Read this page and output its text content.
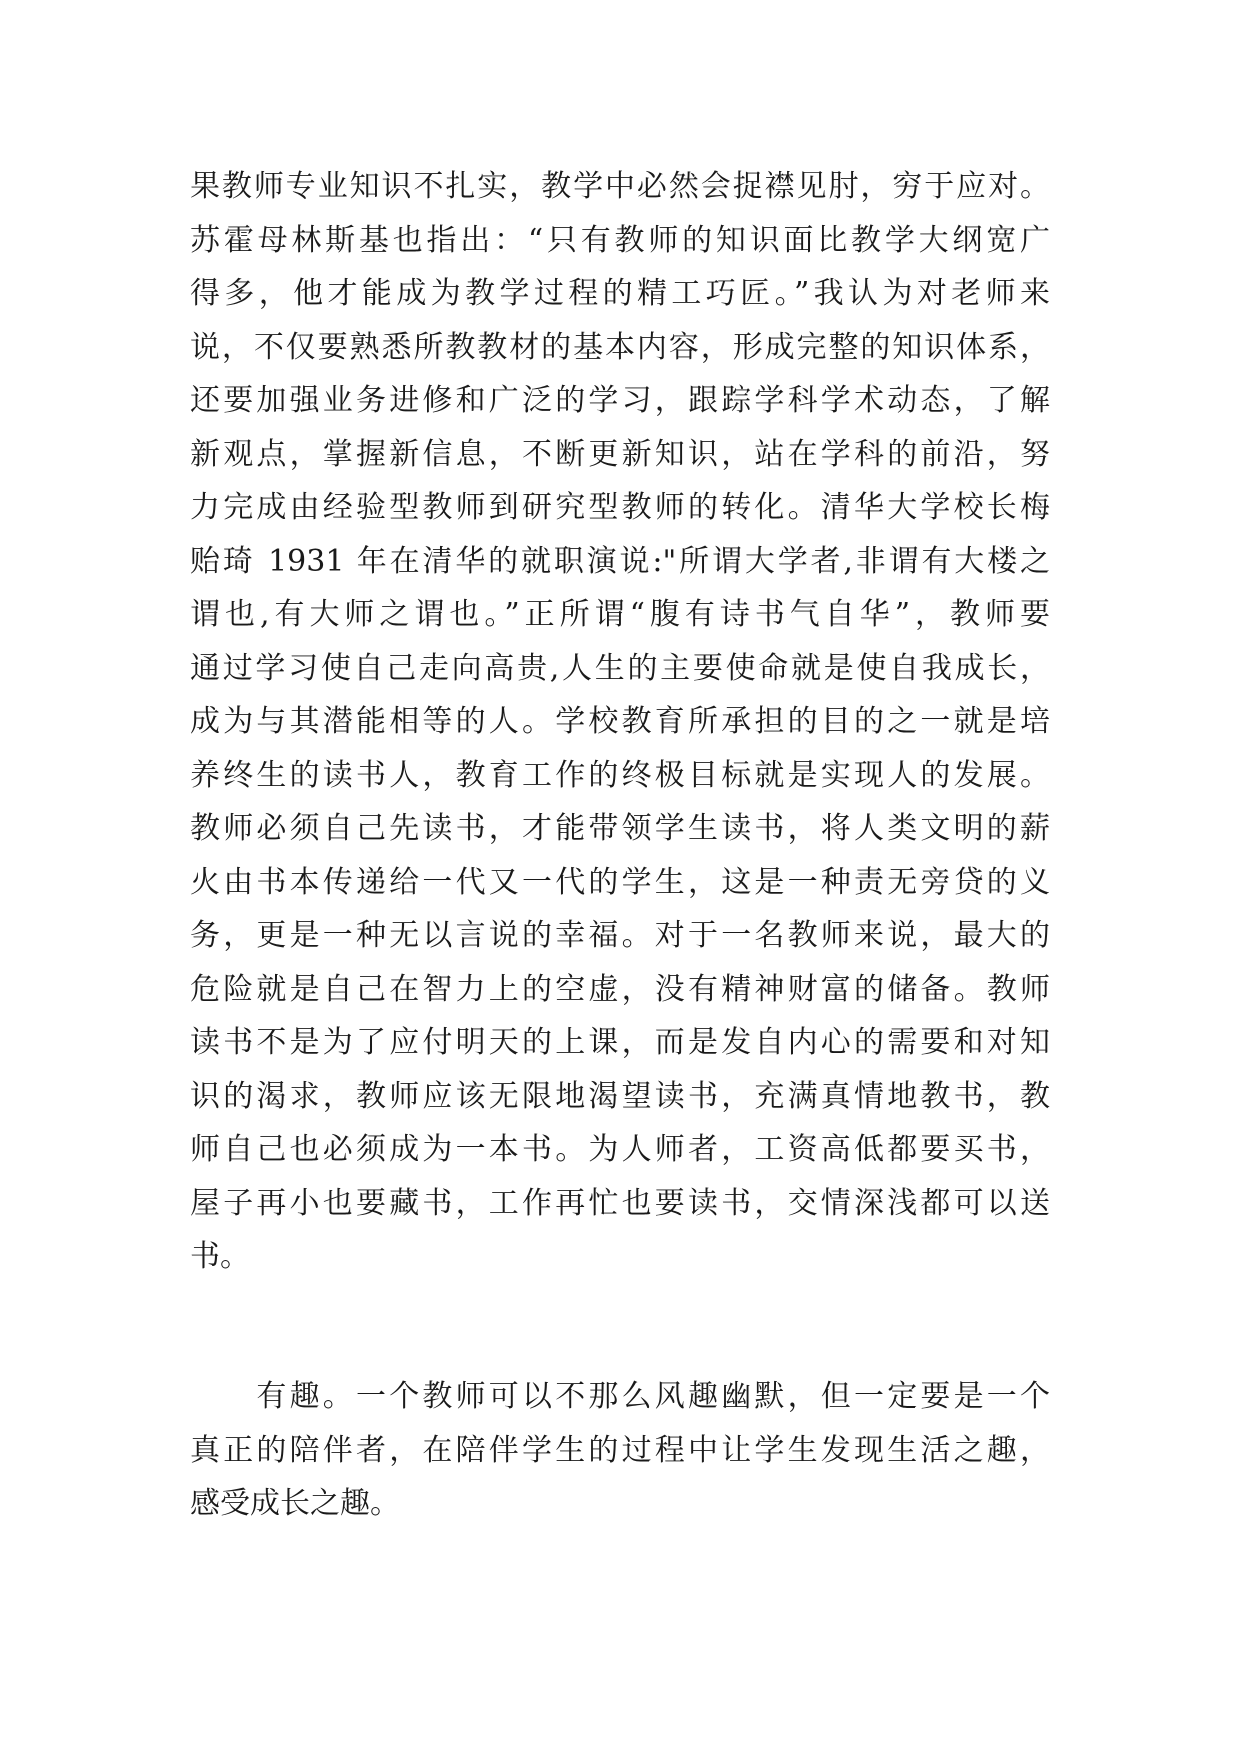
果教师专业知识不扎实，教学中必然会捉襟见肘，穷于应对。
苏霍母林斯基也指出：“只有教师的知识面比教学大纲宽广
得多，他才能成为教学过程的精工巧匠。”我认为对老师来
说，不仅要熟悉所教教材的基本内容，形成完整的知识体系，
还要加强业务进修和广泛的学习，跟踪学科学术动态，了解
新观点，掌握新信息，不断更新知识，站在学科的前沿，努
力完成由经验型教师到研究型教师的转化。清华大学校长梅
贻琦 1931 年在清华的就职演说:"所谓大学者,非谓有大楼之
谓也,有大师之谓也。”正所谓“腹有诗书气自华”，教师要
通过学习使自己走向高贵,人生的主要使命就是使自我成长，
成为与其潜能相等的人。学校教育所承担的目的之一就是培
养终生的读书人，教育工作的终极目标就是实现人的发展。
教师必须自己先读书，才能带领学生读书，将人类文明的薪
火由书本传递给一代又一代的学生，这是一种责无旁贷的义
务，更是一种无以言说的幸福。对于一名教师来说，最大的
危险就是自己在智力上的空虚，没有精神财富的储备。教师
读书不是为了应付明天的上课，而是发自内心的需要和对知
识的渴求，教师应该无限地渴望读书，充满真情地教书，教
师自己也必须成为一本书。为人师者，工资高低都要买书，
屋子再小也要藏书，工作再忙也要读书，交情深浅都可以送
书。
　　有趣。一个教师可以不那么风趣幽默，但一定要是一个
真正的陪伴者，在陪伴学生的过程中让学生发现生活之趣，
感受成长之趣。
